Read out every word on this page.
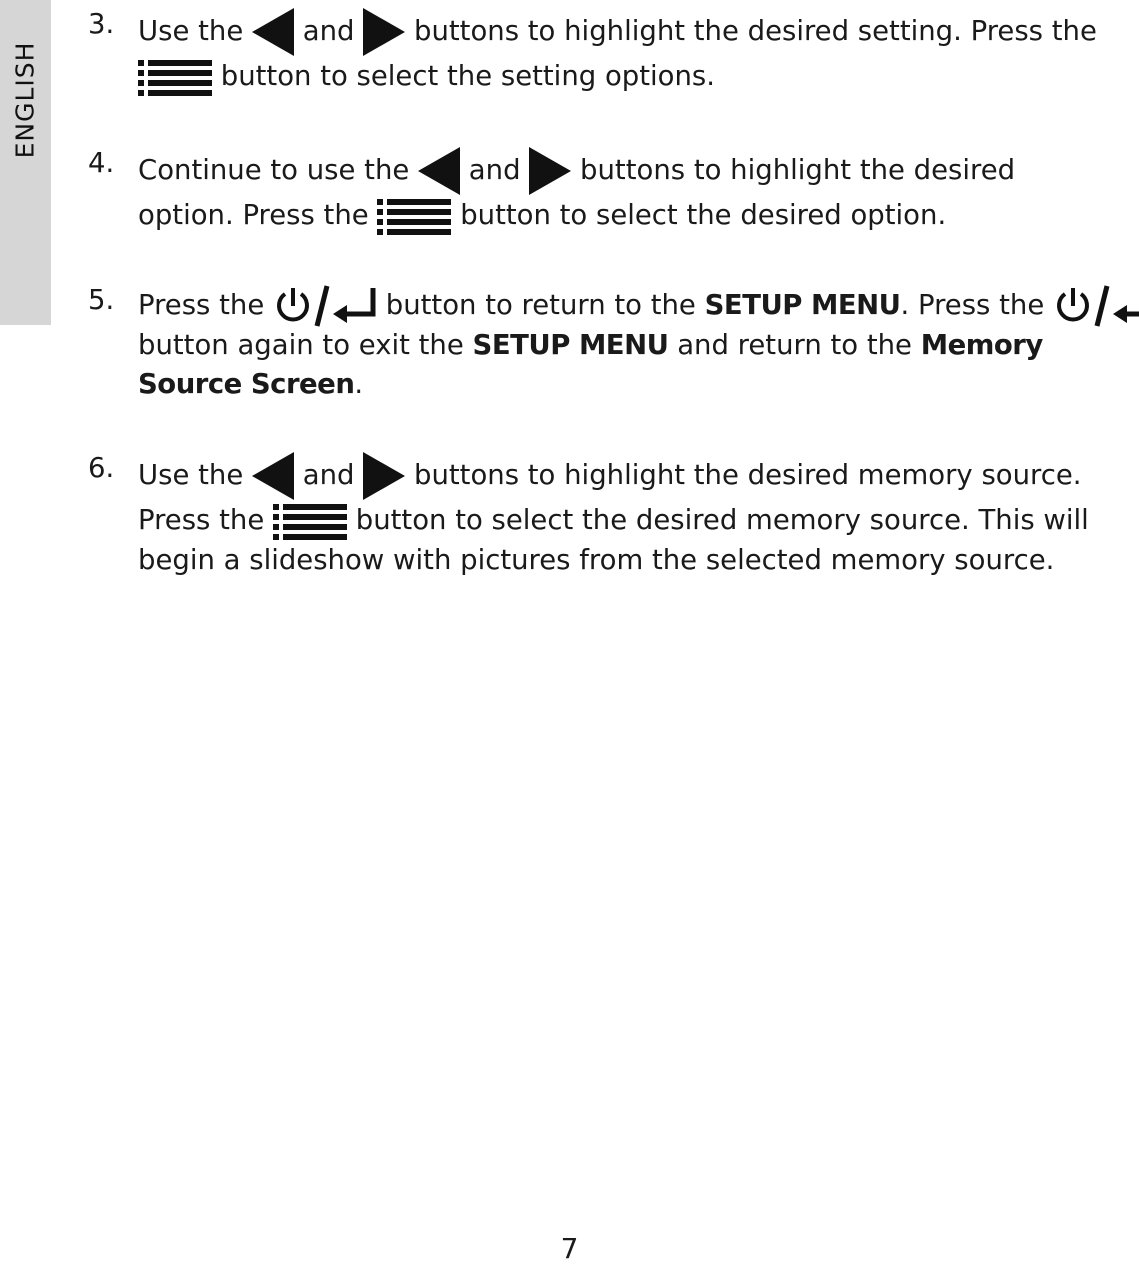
ENGLISH
3. Use the and buttons to highlight the desired setting. Press the
button to select the setting options.
4. Continue to use the and buttons to highlight the desired
option. Press the	button to select the desired option.
5. Press the	button to return to the SETUP MENU. Press the
button again to exit the SETUP MENU and return to the Memory
Source Screen.
6. Use the and buttons to highlight the desired memory source.
Press the	button to select the desired memory source. This will
begin a slideshow with pictures from the selected memory source.
7
